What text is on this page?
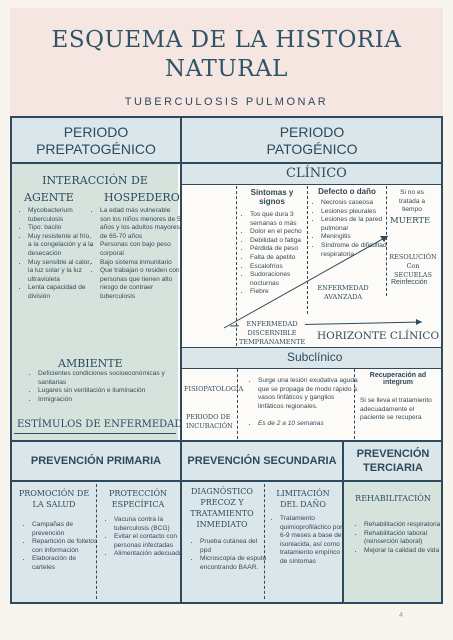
ESQUEMA DE LA HISTORIA
NATURAL
TUBERCULOSIS PULMONAR
PERIODO PREPATOGÉNICO
PERIODO PATOGÉNICO
INTERACCIÓN DE
AGENTE	HOSPEDERO
• Mycobacterium tuberculosis
• Tipo: bacilo
• Muy resistente al frío, a la congelación y a la desecación
• Muy sensible al calor, la luz solar y la luz ultravioleta
• Lenta capacidad de división
• La edad más vulnerable son los niños menores de 5 años y los adultos mayores de 65-70 años
• Personas con bajo peso corporal
• Bajo sistema inmunitario
• Que trabajan o residen con personas que tienen alto riesgo de contraer tuberculosis
AMBIENTE
• Deficientes condiciones socioeconómicas y sanitarias
• Lugares sin ventilación e iluminación
• Inmigración
ESTÍMULOS DE ENFERMEDAD
CLÍNICO
Síntomas y signos
• Tos que dura 3 semanas o más
• Dolor en el pecho
• Debilidad o fatiga
• Pérdida de peso
• Falta de apetito
• Escalofríos
• Sudoraciones nocturnas
• Fiebre
Defecto o daño
• Necrosis caseosa
• Lesiones pleurales
• Lesiones de la pared pulmonar
• Meningitis
• Síndrome de dificultad respiratoria
Si no es tratada a tiempo
MUERTE
RESOLUCIÓN Con SECUELAS
Reinfección
ENFERMEDAD AVANZADA
ENFERMEDAD DISCERNIBLE TEMPRANAMENTE HORIZONTE CLÍNICO
Subclínico
FISIOPATOLOGÍA
PERIODO DE INCUBACIÓN
• Surge una lesión exudativa aguda que se propaga de modo rápido a vasos linfáticos y ganglios linfáticos regionales.
• Es de 2 a 10 semanas
Recuperación ad integrum
Si se lleva el tratamiento adecuadamente el paciente se recupera
PREVENCIÓN PRIMARIA	PREVENCIÓN SECUNDARIA
PREVENCIÓN TERCIARIA
PROMOCIÓN DE LA SALUD
• Campañas de prevención
• Repartición de folletos con información
• Elaboración de carteles
PROTECCIÓN ESPECÍFICA
• Vacuna contra la tuberculosis (BCG)
• Evitar el contacto con personas infectadas
• Alimentación adecuada
DIAGNÓSTICO PRECOZ Y TRATAMIENTO INMEDIATO
• Prueba cutánea del ppd
• Microscopía de esputo encontrando BAAR.
LIMITACIÓN DEL DAÑO
• Tratamiento quimioprofiláctico por 6-9 meses a base de isoniacida, así como tratamiento empírico de síntomas
REHABILITACIÓN
• Rehabilitación respiratoria
• Rehabilitación laboral (reinserción laboral)
• Mejorar la calidad de vida
4
